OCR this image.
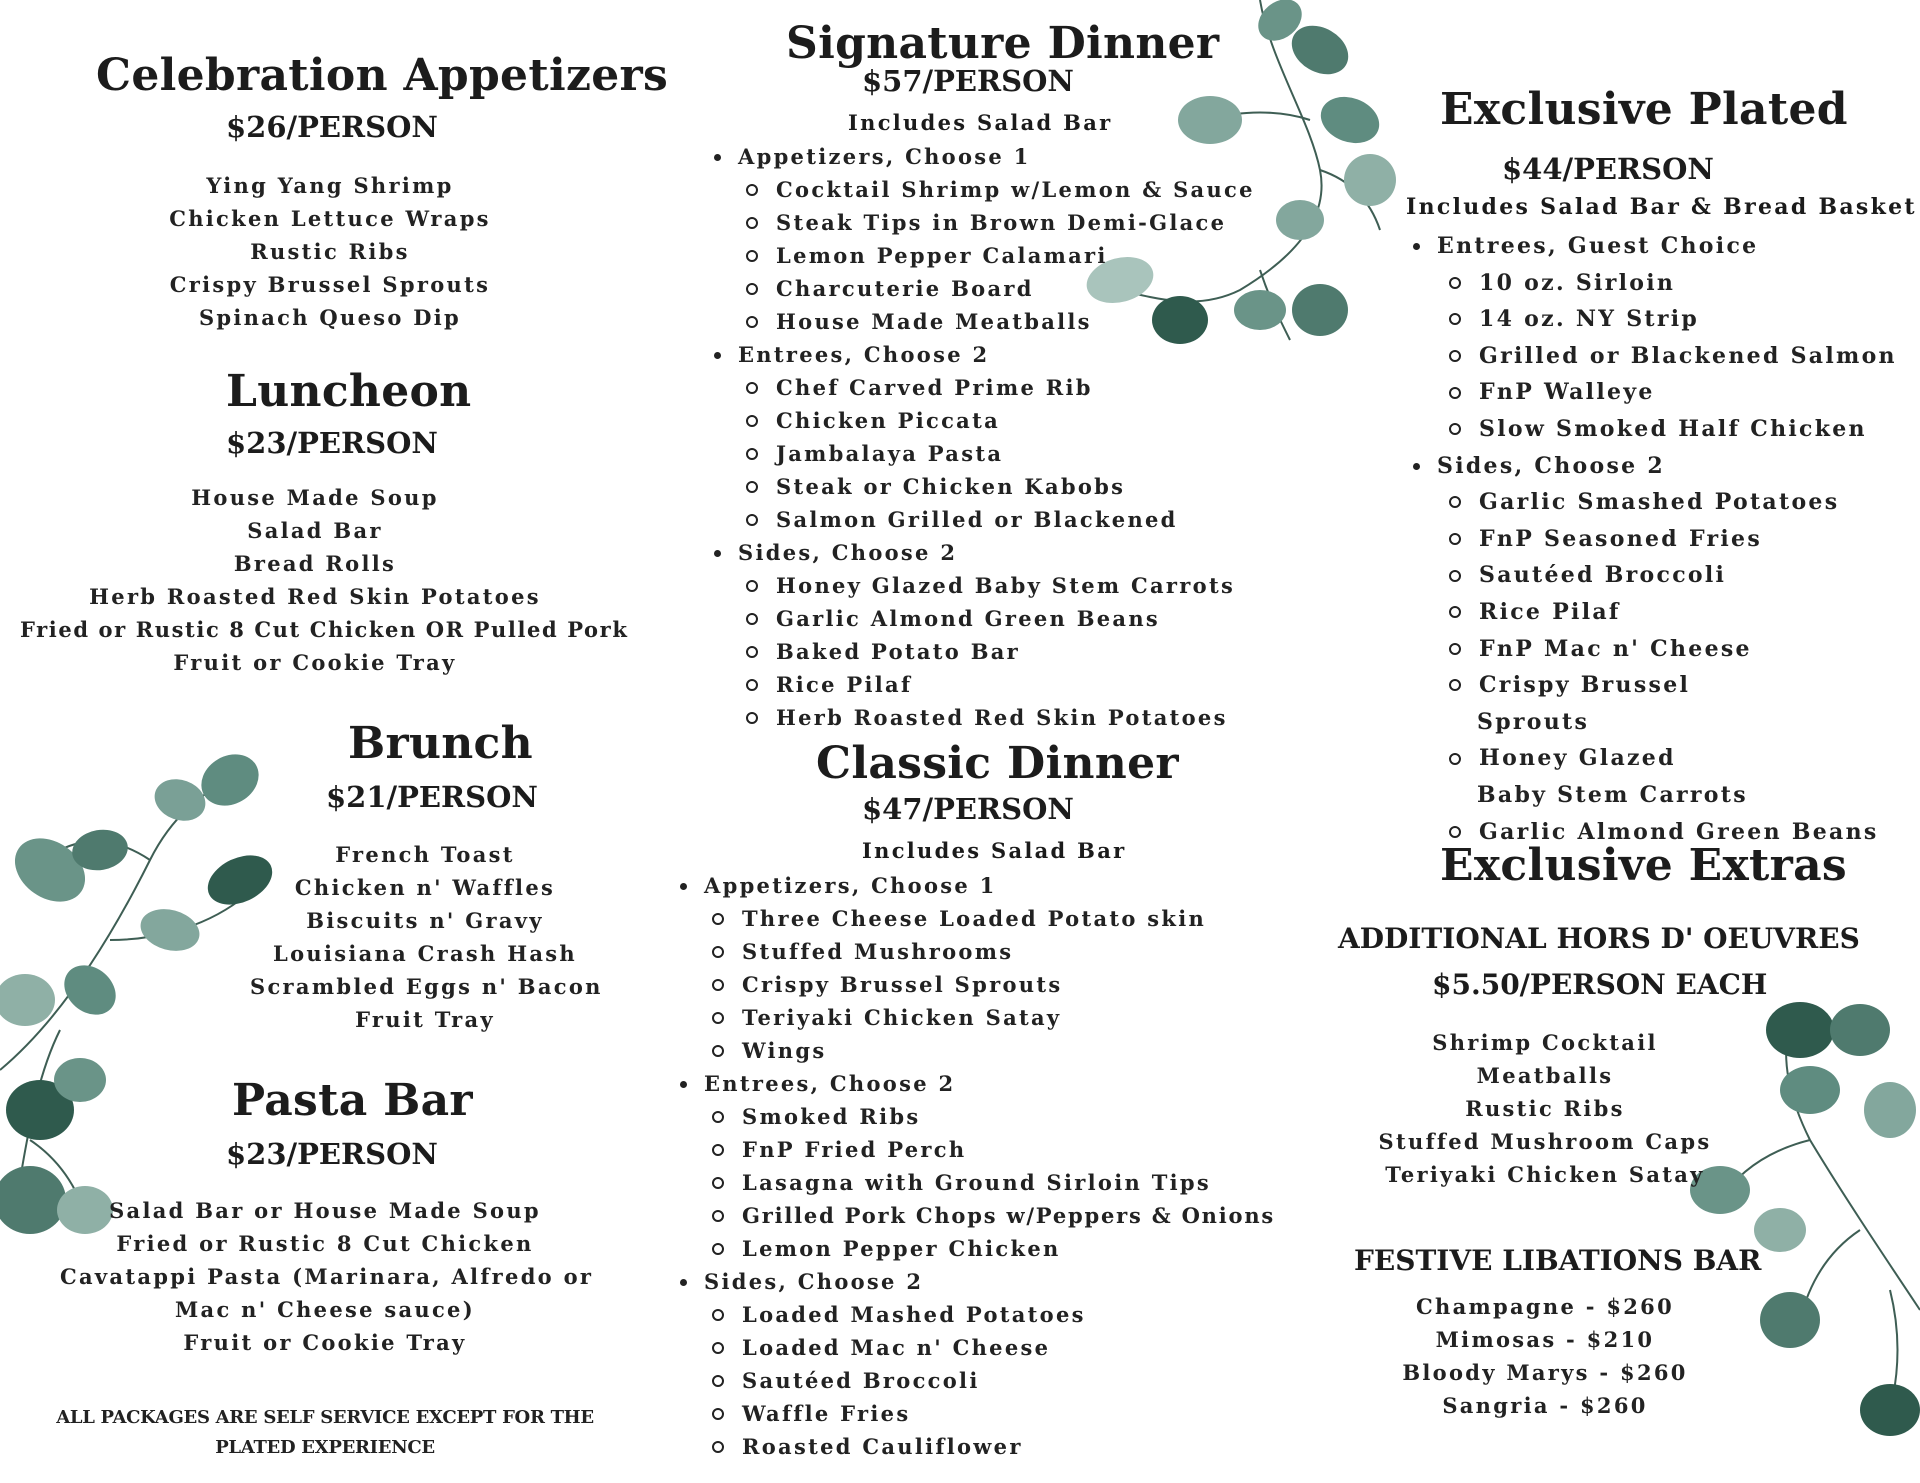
Celebration Appetizers
$26/PERSON
Ying Yang Shrimp
Chicken Lettuce Wraps
Rustic Ribs
Crispy Brussel Sprouts
Spinach Queso Dip
Luncheon
$23/PERSON
House Made Soup
Salad Bar
Bread Rolls
Herb Roasted Red Skin Potatoes
Fried or Rustic 8 Cut Chicken OR Pulled Pork
Fruit or Cookie Tray
Brunch
$21/PERSON
French Toast
Chicken n' Waffles
Biscuits n' Gravy
Louisiana Crash Hash
Scrambled Eggs n' Bacon
Fruit Tray
Pasta Bar
$23/PERSON
Salad Bar or House Made Soup
Fried or Rustic 8 Cut Chicken
Cavatappi Pasta (Marinara, Alfredo or
Mac n' Cheese sauce)
Fruit or Cookie Tray
ALL PACKAGES ARE SELF SERVICE EXCEPT FOR THE
PLATED EXPERIENCE
Signature Dinner
$57/PERSON
Includes Salad Bar
Appetizers, Choose 1
Cocktail Shrimp w/Lemon & Sauce
Steak Tips in Brown Demi-Glace
Lemon Pepper Calamari
Charcuterie Board
House Made Meatballs
Entrees, Choose 2
Chef Carved Prime Rib
Chicken Piccata
Jambalaya Pasta
Steak or Chicken Kabobs
Salmon Grilled or Blackened
Sides, Choose 2
Honey Glazed Baby Stem Carrots
Garlic Almond Green Beans
Baked Potato Bar
Rice Pilaf
Herb Roasted Red Skin Potatoes
Classic Dinner
$47/PERSON
Includes Salad Bar
Appetizers, Choose 1
Three Cheese Loaded Potato skin
Stuffed Mushrooms
Crispy Brussel Sprouts
Teriyaki Chicken Satay
Wings
Entrees, Choose 2
Smoked Ribs
FnP Fried Perch
Lasagna with Ground Sirloin Tips
Grilled Pork Chops w/Peppers & Onions
Lemon Pepper Chicken
Sides, Choose 2
Loaded Mashed Potatoes
Loaded Mac n' Cheese
Sautéed Broccoli
Waffle Fries
Roasted Cauliflower
Exclusive Plated
$44/PERSON
Includes Salad Bar & Bread Basket
Entrees, Guest Choice
10 oz. Sirloin
14 oz. NY Strip
Grilled or Blackened Salmon
FnP Walleye
Slow Smoked Half Chicken
Sides, Choose 2
Garlic Smashed Potatoes
FnP Seasoned Fries
Sautéed Broccoli
Rice Pilaf
FnP Mac n' Cheese
Crispy Brussel
Sprouts
Honey Glazed
Baby Stem Carrots
Garlic Almond Green Beans
Exclusive Extras
ADDITIONAL HORS D' OEUVRES
$5.50/PERSON EACH
Shrimp Cocktail
Meatballs
Rustic Ribs
Stuffed Mushroom Caps
Teriyaki Chicken Satay
FESTIVE LIBATIONS BAR
Champagne - $260
Mimosas - $210
Bloody Marys - $260
Sangria - $260
